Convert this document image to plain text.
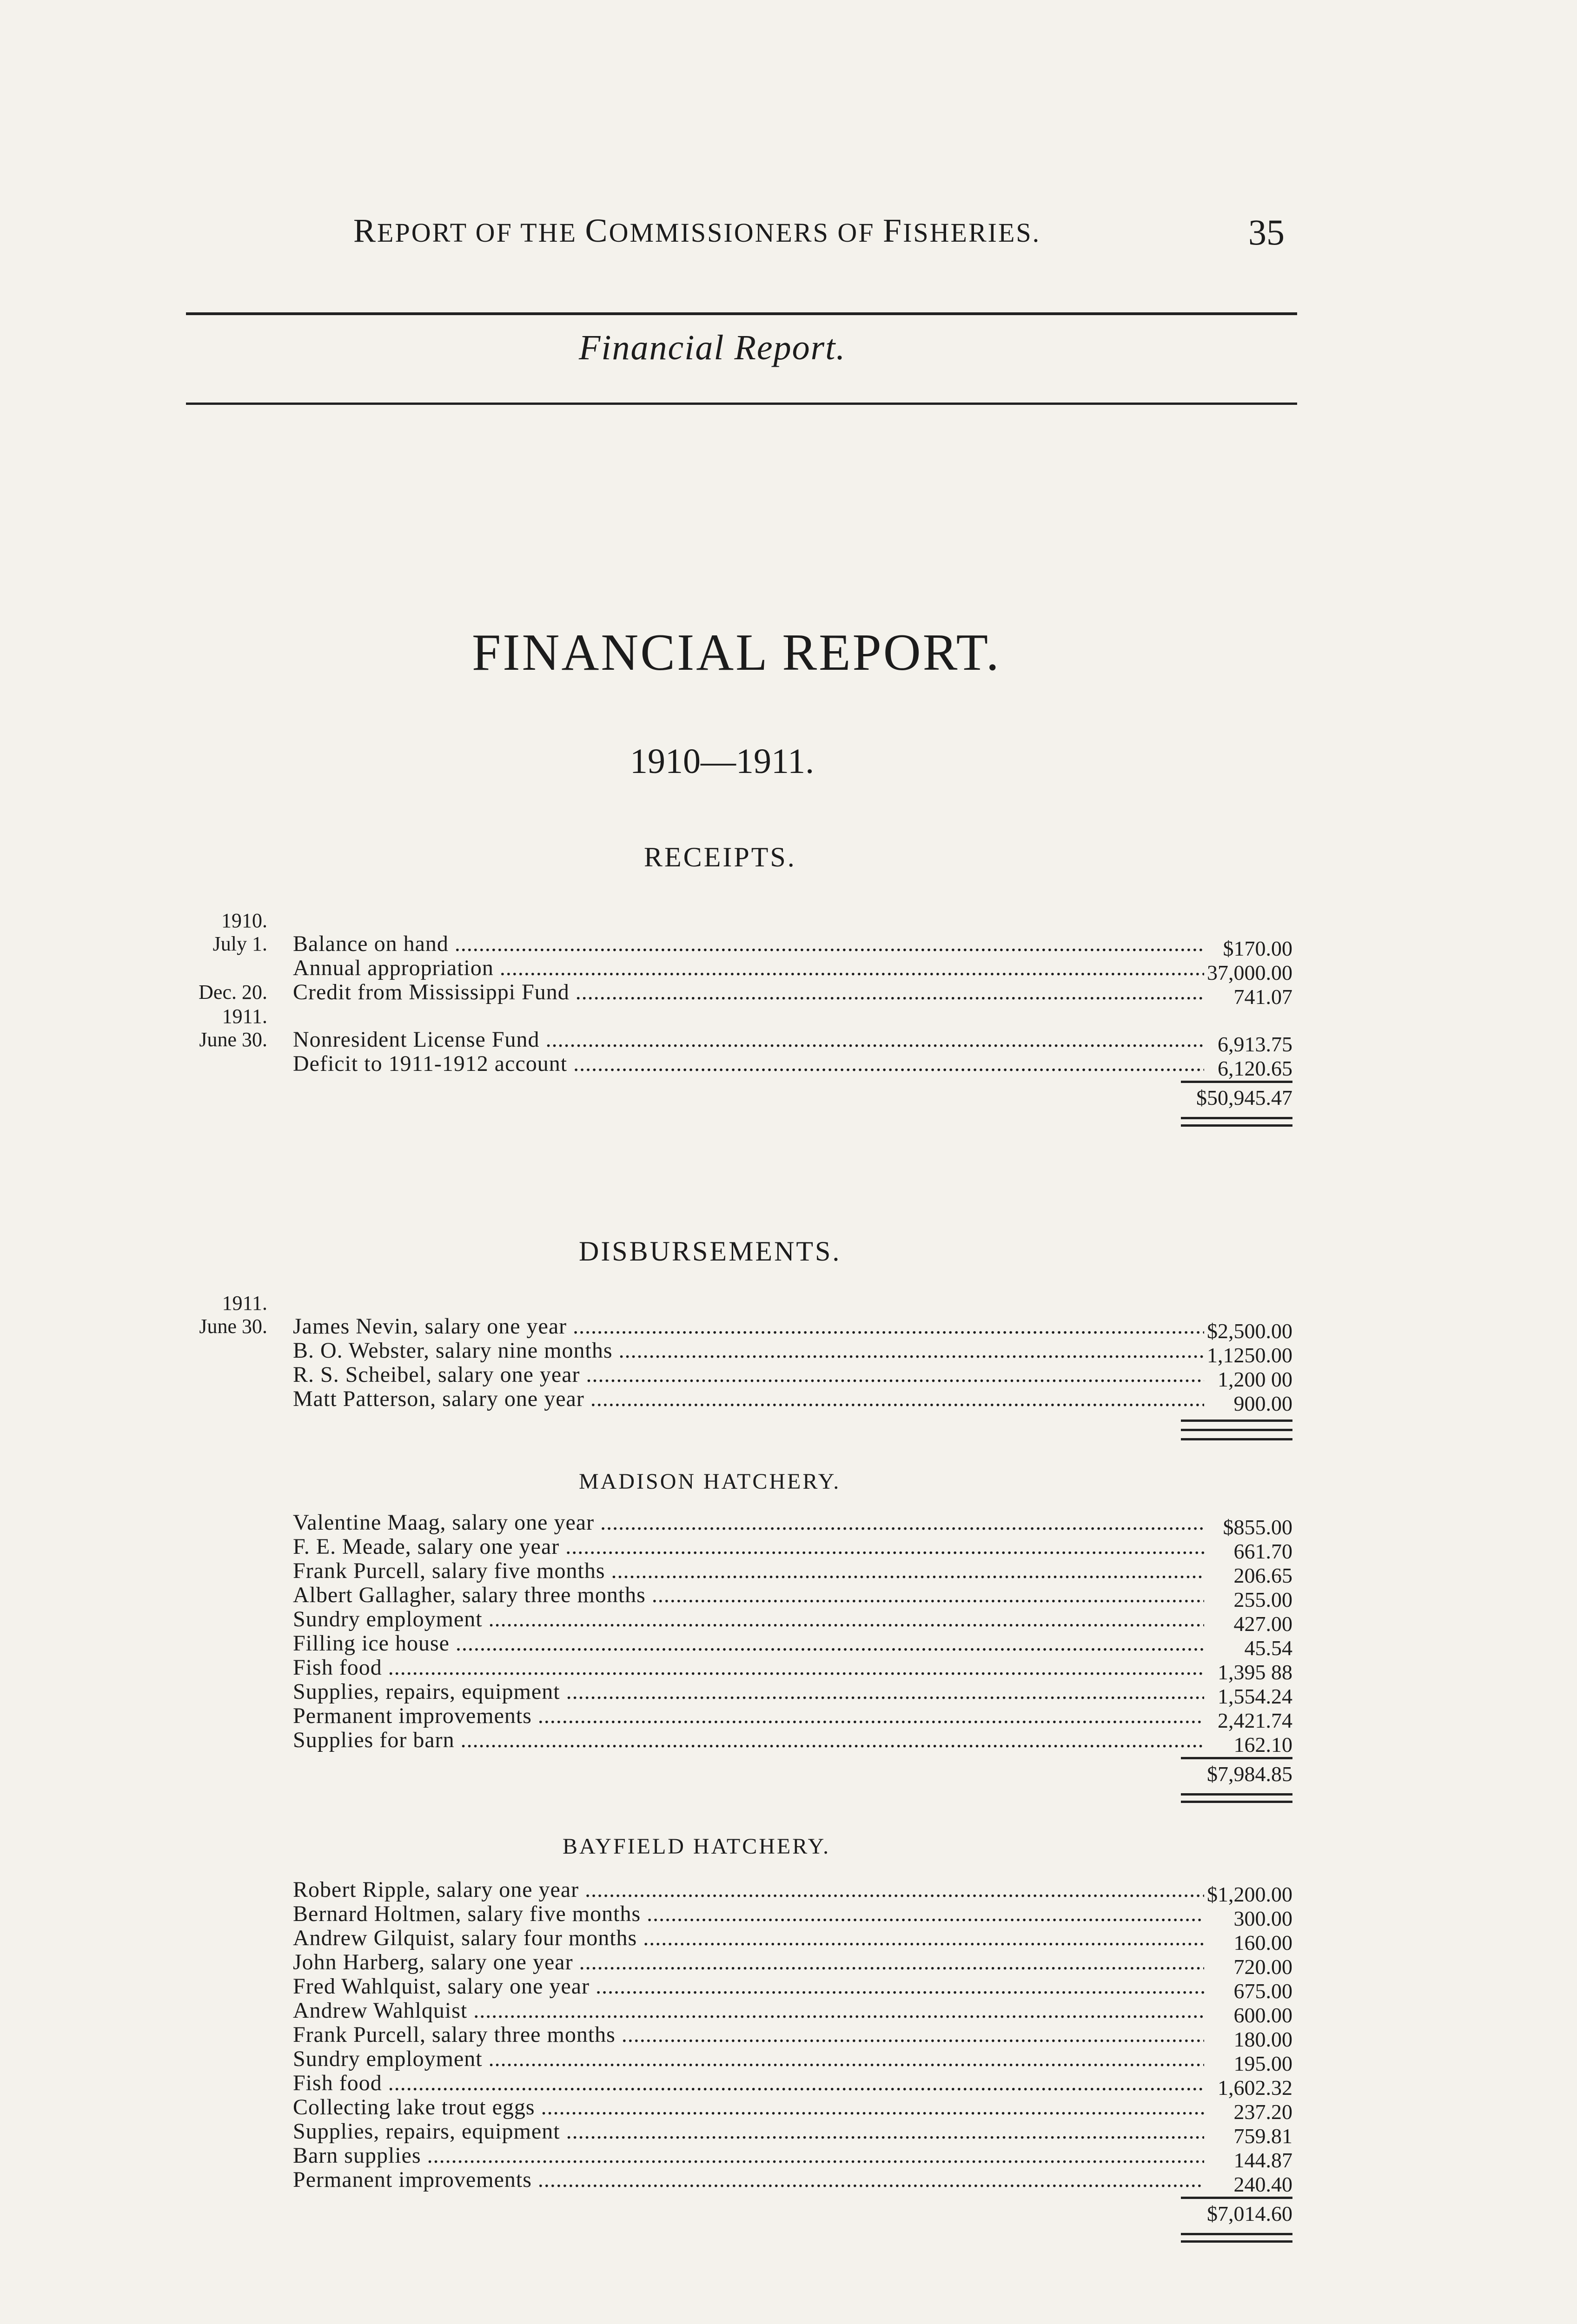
REPORT OF THE COMMISSIONERS OF FISHERIES.	35
Financial Report.
FINANCIAL REPORT.
1910—1911.
RECEIPTS.
1910.
July 1. Balance on hand .....	$170.00
Annual appropriation .....	37,000.00
Dec. 20. Credit from Mississippi Fund .....	741.07
1911.
June 30. Nonresident License Fund .....	6,913.75
Deficit to 1911-1912 account .....	6,120.65
$50,945.47
DISBURSEMENTS.
1911.
June 30. James Nevin, salary one year .....	$2,500.00
B. O. Webster, salary nine months .....	1,1250.00
R. S. Scheibel, salary one year .....	1,200 00
Matt Patterson, salary one year .....	900.00
MADISON HATCHERY.
Valentine Maag, salary one year .....	$855.00
F. E. Meade, salary one year .....	661.70
Frank Purcell, salary five months .....	206.65
Albert Gallagher, salary three months .....	255.00
Sundry employment .....	427.00
Filling ice house .....	45.54
Fish food .....	1,395 88
Supplies, repairs, equipment .....	1,554.24
Permanent improvements .....	2,421.74
Supplies for barn .....	162.10
$7,984.85
BAYFIELD HATCHERY.
Robert Ripple, salary one year .....	$1,200.00
Bernard Holtmen, salary five months .....	300.00
Andrew Gilquist, salary four months .....	160.00
John Harberg, salary one year .....	720.00
Fred Wahlquist, salary one year .....	675.00
Andrew Wahlquist .....	600.00
Frank Purcell, salary three months .....	180.00
Sundry employment .....	195.00
Fish food .....	1,602.32
Collecting lake trout eggs .....	237.20
Supplies, repairs, equipment .....	759.81
Barn supplies .....	144.87
Permanent improvements .....	240.40
$7,014.60
